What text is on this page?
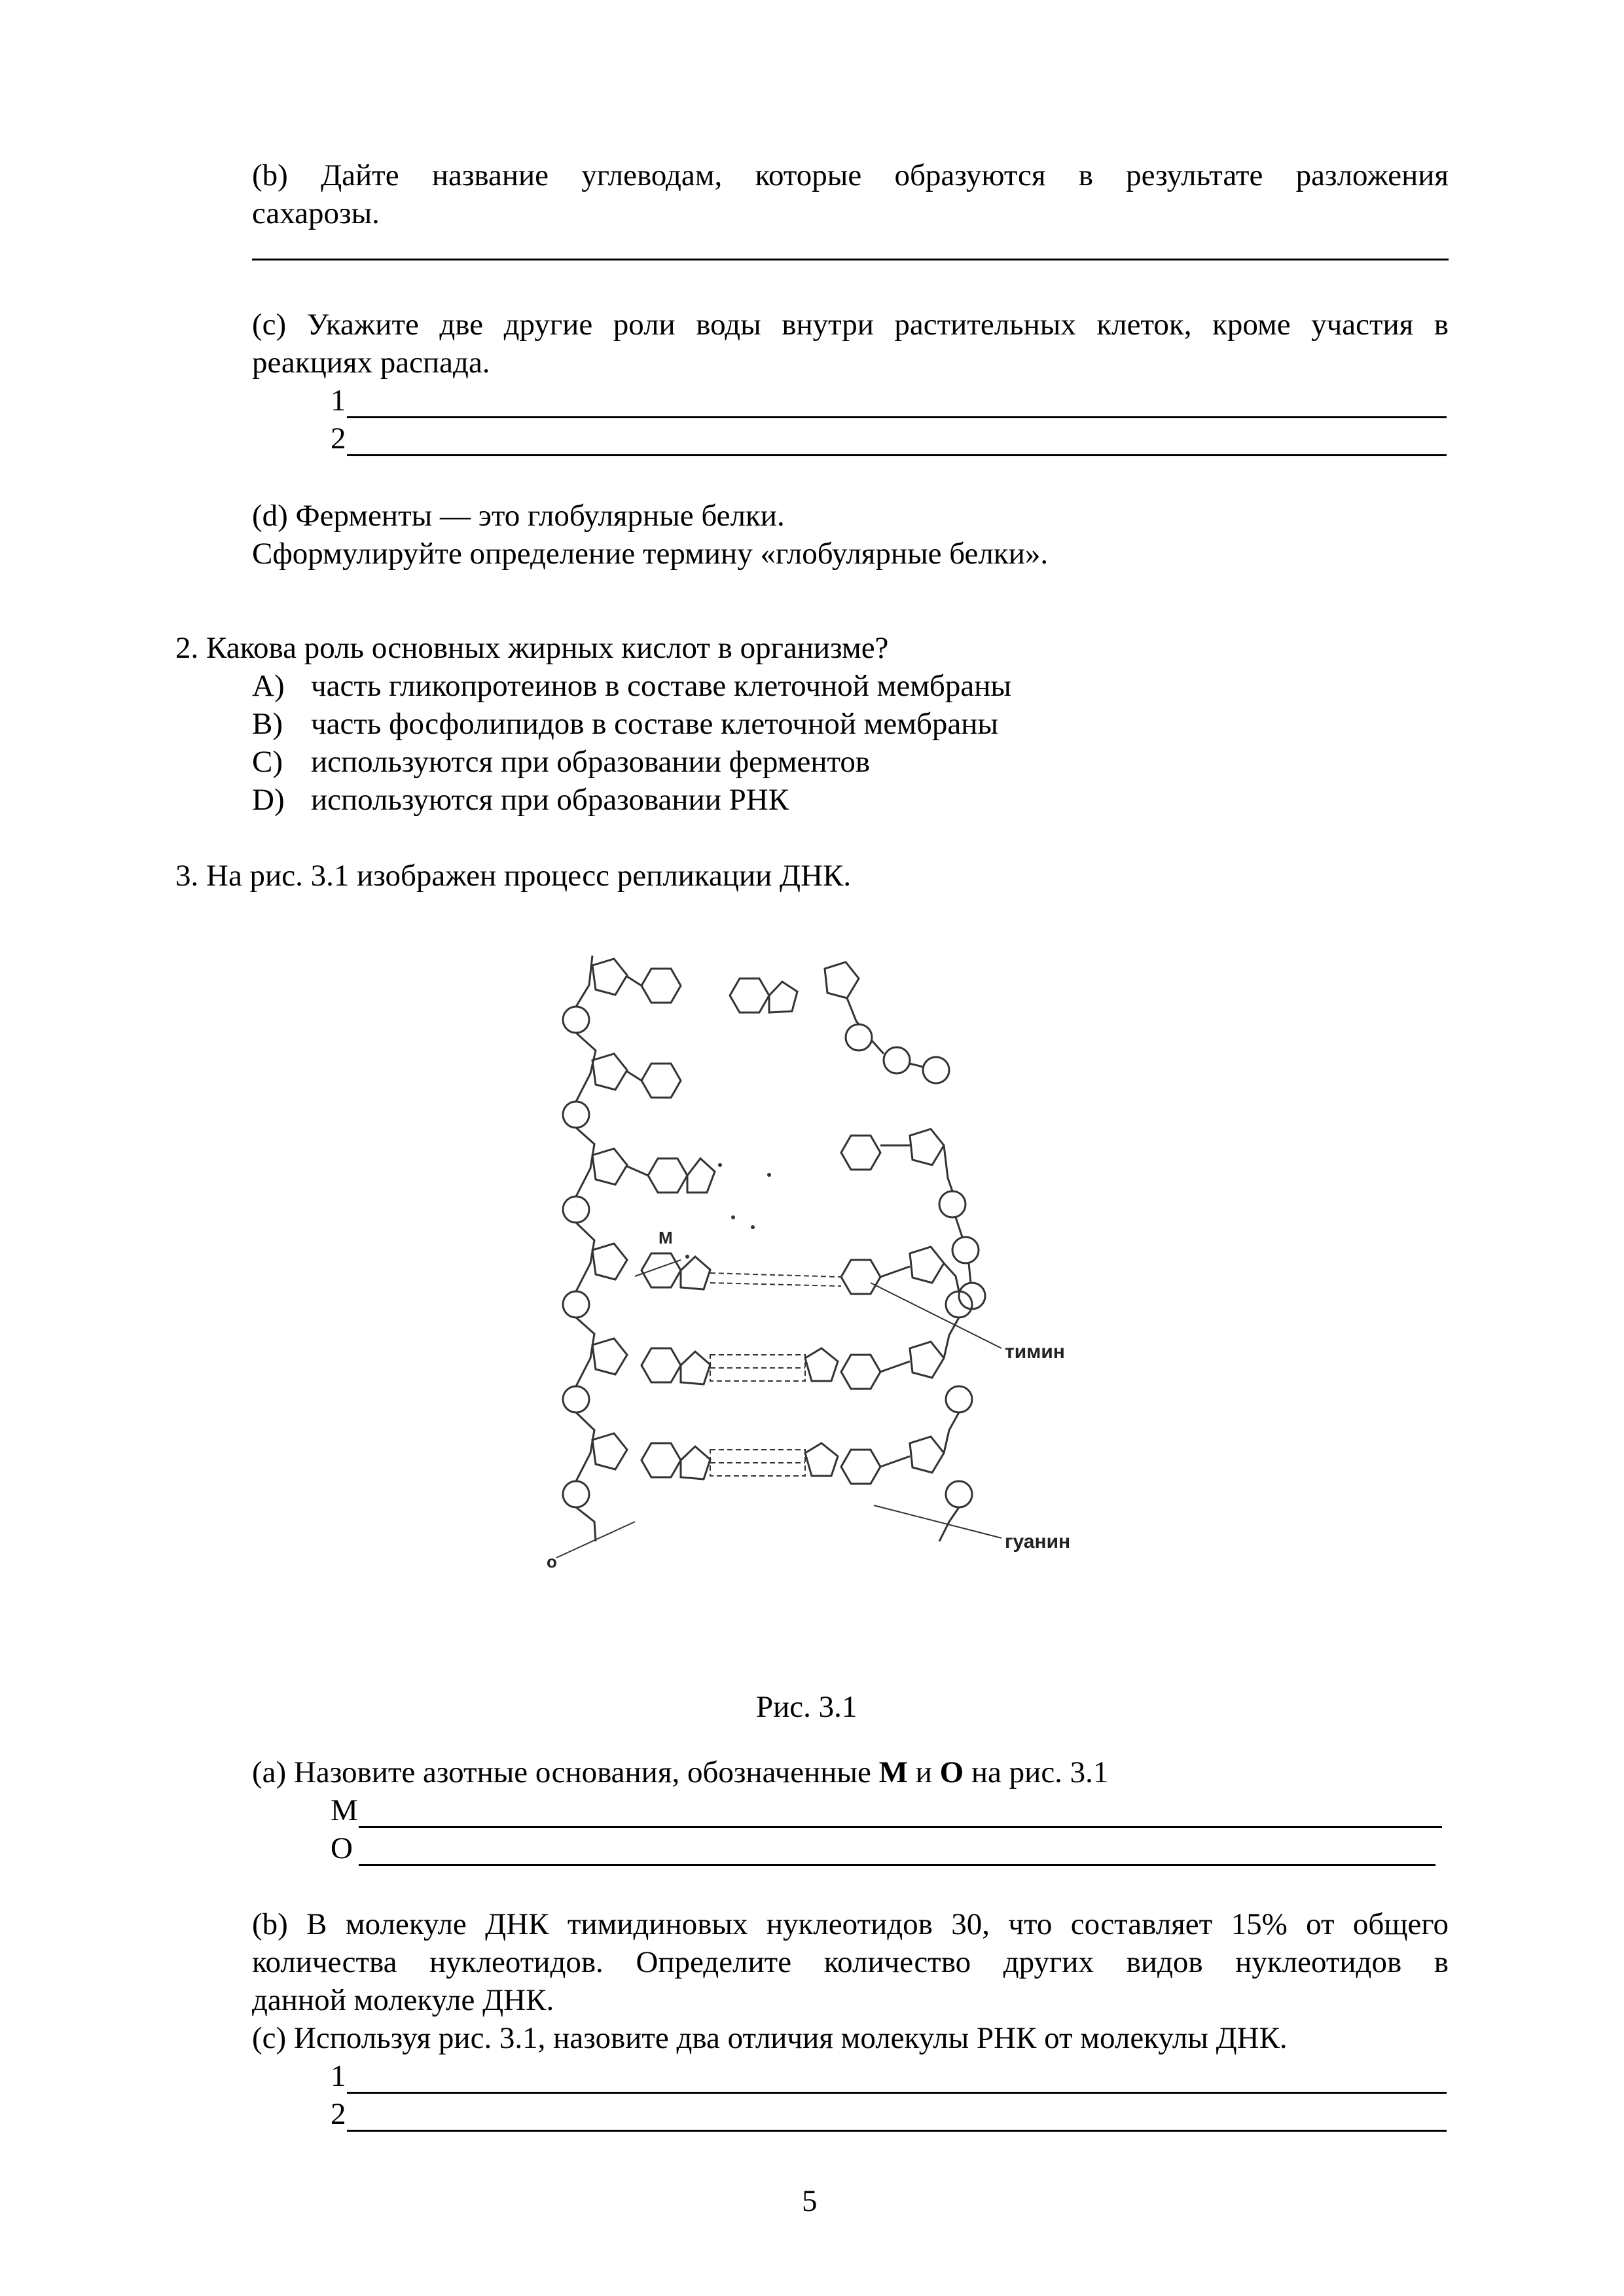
(b) Дайте название углеводам, которые образуются в результате разложения
сахарозы.
(c) Укажите две другие роли воды внутри растительных клеток, кроме участия в
реакциях распада.
1
2
(d) Ферменты — это глобулярные белки.
Сформулируйте определение термину «глобулярные белки».
2. Какова роль основных жирных кислот в организме?
A) часть гликопротеинов в составе клеточной мембраны
B) часть фосфолипидов в составе клеточной мембраны
C) используются при образовании ферментов
D) используются при образовании РНК
3. На рис. 3.1 изображен процесс репликации ДНК.
М
о
тимин
гуанин
Рис. 3.1
(a) Назовите азотные основания, обозначенные М и О на рис. 3.1
М
О
(b) В молекуле ДНК тимидиновых нуклеотидов 30, что составляет 15% от общего
количества нуклеотидов. Определите количество других видов нуклеотидов в
данной молекуле ДНК.
(c) Используя рис. 3.1, назовите два отличия молекулы РНК от молекулы ДНК.
1
2
5
